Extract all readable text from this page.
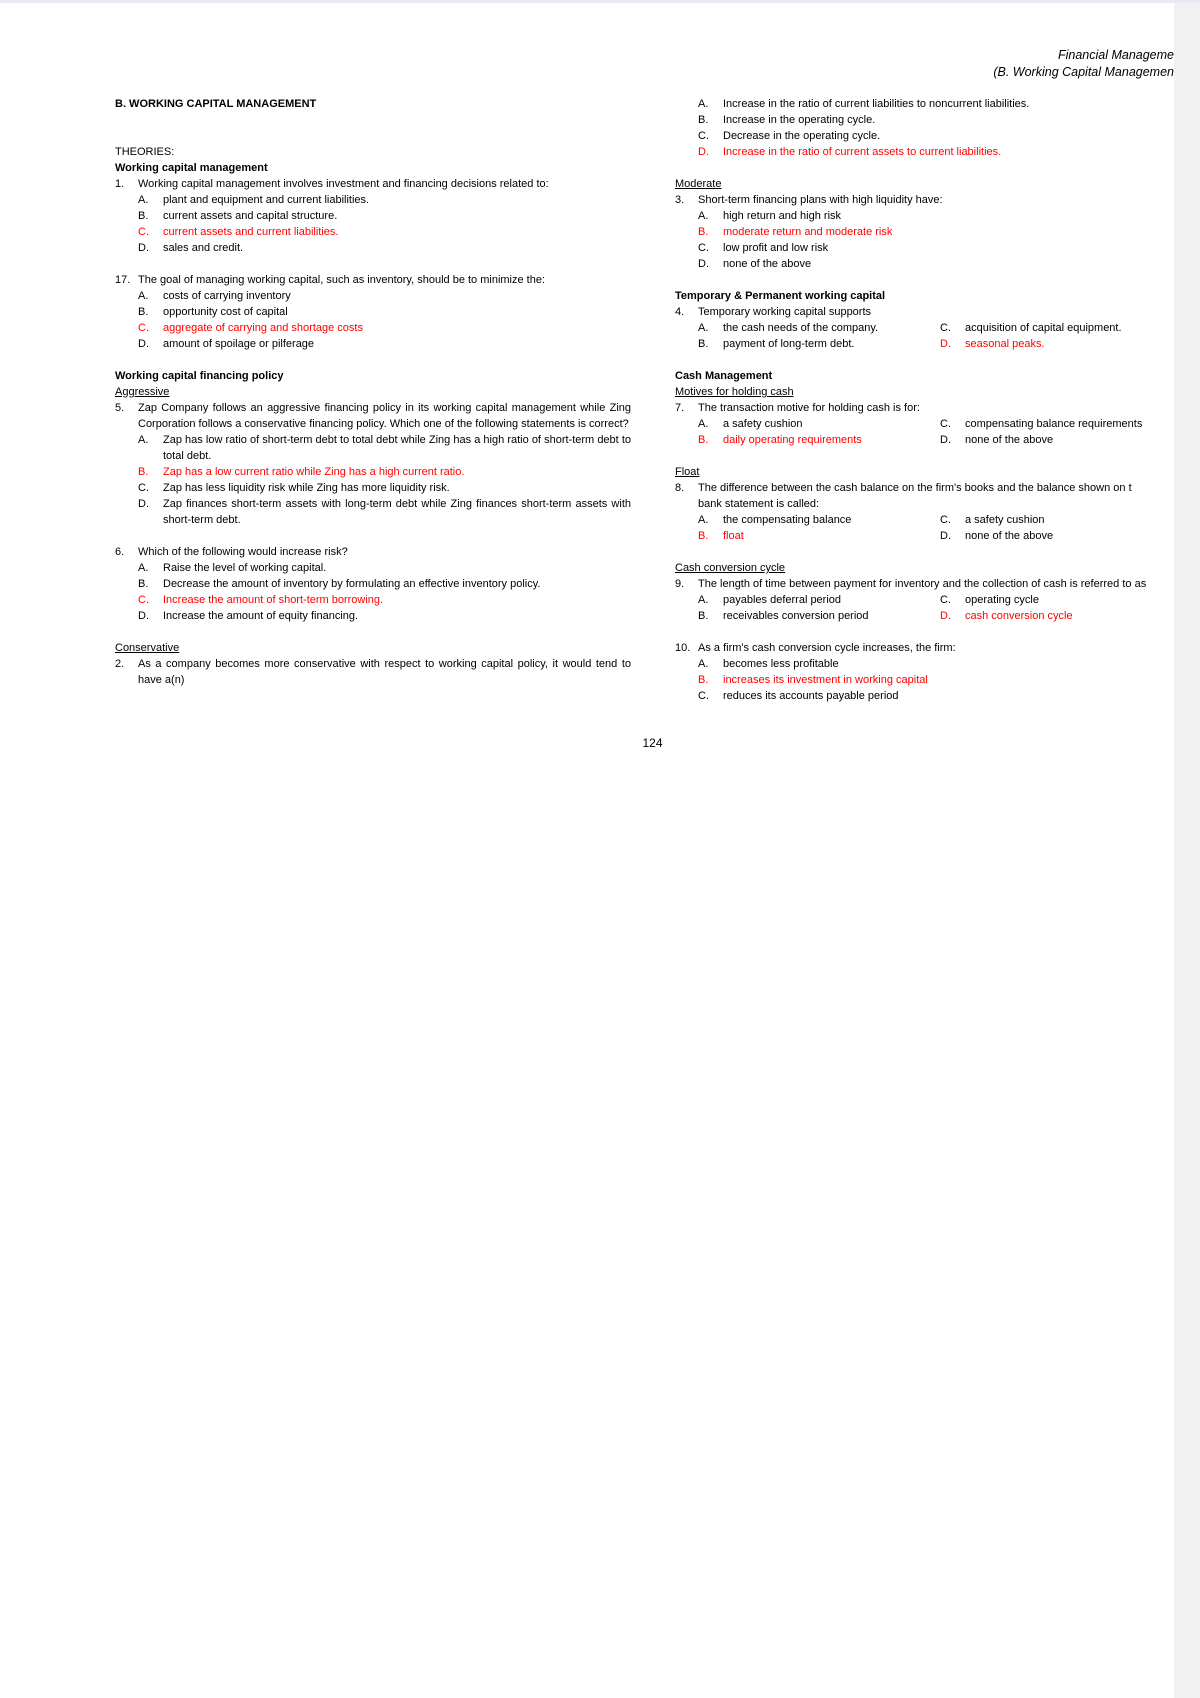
Financial Manageme
(B. Working Capital Managemen

B. WORKING CAPITAL MANAGEMENT

THEORIES:

Working capital management

1.	Working capital management involves investment and financing decisions related to:
A.	plant and equipment and current liabilities.
B.	current assets and capital structure.
C.	current assets and current liabilities.
D.	sales and credit.
17. The goal of managing working capital, such as inventory, should be to minimize the:
A.	costs of carrying inventory
B.	opportunity cost of capital
C.	aggregate of carrying and shortage costs
D.	amount of spoilage or pilferage

Working capital financing policy

Aggressive

5.	Zap Company follows an aggressive financing policy in its working capital management while Zing Corporation follows a conservative financing policy. Which one of the following statements is correct?
A.	Zap has low ratio of short-term debt to total debt while Zing has a high ratio of short-term debt to total debt.
B.	Zap has a low current ratio while Zing has a high current ratio.
C.	Zap has less liquidity risk while Zing has more liquidity risk.
D.	Zap finances short-term assets with long-term debt while Zing finances short-term assets with short-term debt.
6.	Which of the following would increase risk?
A.	Raise the level of working capital.
B.	Decrease the amount of inventory by formulating an effective inventory policy.
C.	Increase the amount of short-term borrowing.
D.	Increase the amount of equity financing.

Conservative

2.	As a company becomes more conservative with respect to working capital policy, it would tend to have a(n)
A.	Increase in the ratio of current liabilities to noncurrent liabilities.
B.	Increase in the operating cycle.
C.	Decrease in the operating cycle.
D.	Increase in the ratio of current assets to current liabilities.

Moderate

3.	Short-term financing plans with high liquidity have:
A.	high return and high risk
B.	moderate return and moderate risk
C.	low profit and low risk
D.	none of the above

Temporary & Permanent working capital

4.	Temporary working capital supports
A.	the cash needs of the company.	C.	acquisition of capital equipment.
B.	payment of long-term debt.	D.	seasonal peaks.

Cash Management

Motives for holding cash

7.	The transaction motive for holding cash is for:
A.	a safety cushion	C.	compensating balance requirements
B.	daily operating requirements	D.	none of the above

Float

8.	The difference between the cash balance on the firm's books and the balance shown on t
bank statement is called:
A.	the compensating balance	C.	a safety cushion
B.	float	D.	none of the above

Cash conversion cycle

9.	The length of time between payment for inventory and the collection of cash is referred to as
A.	payables deferral period	C.	operating cycle
B.	receivables conversion period	D.	cash conversion cycle
10. As a firm's cash conversion cycle increases, the firm:
A.	becomes less profitable
B.	increases its investment in working capital
C.	reduces its accounts payable period
124
